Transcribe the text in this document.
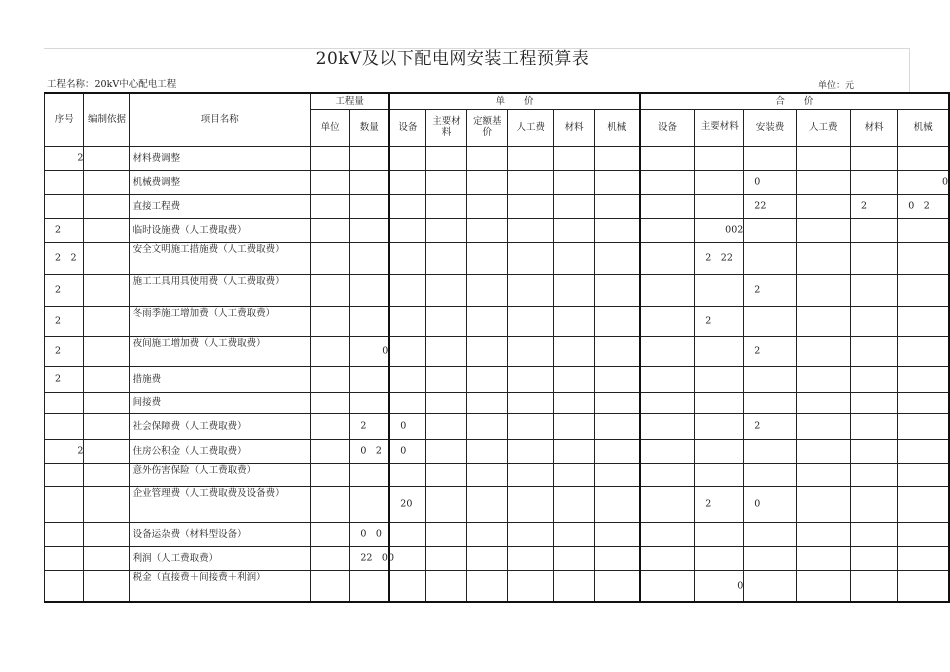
20kV及以下配电网安装工程预算表
工程名称：20kV中心配电工程	单位：元
序号	编制依据	项目名称	工程量		单　　价						合　　价					
			单位	数量	设备	主要材料	定额基价	人工费	材料	机械	设备	主要材料	安装费	人工费	材料	机械

2		材料费调整														
		机械费调整											0			0

		直接工程费											22		2	0　2

2		临时设施费（人工费取费）										002				

2　2		安全文明施工措施费（人工费取费）										2　22				

2		施工工具用具使用费（人工费取费）											2			

2		冬雨季施工增加费（人工费取费）										2				

2		夜间施工增加费（人工费取费）		0									2			

2		措施费														
		间接费														
		社会保障费（人工费取费）		2	0								2			

2		住房公积金（人工费取费）		0　2	0											

		意外伤害保险（人工费取费）														
		企业管理费（人工费取费及设备费）			20							2	0			

		设备运杂费（材料型设备）		0　0												

		利润（人工费取费）		22　00												

		税金（直接费＋间接费＋利润）										0				
